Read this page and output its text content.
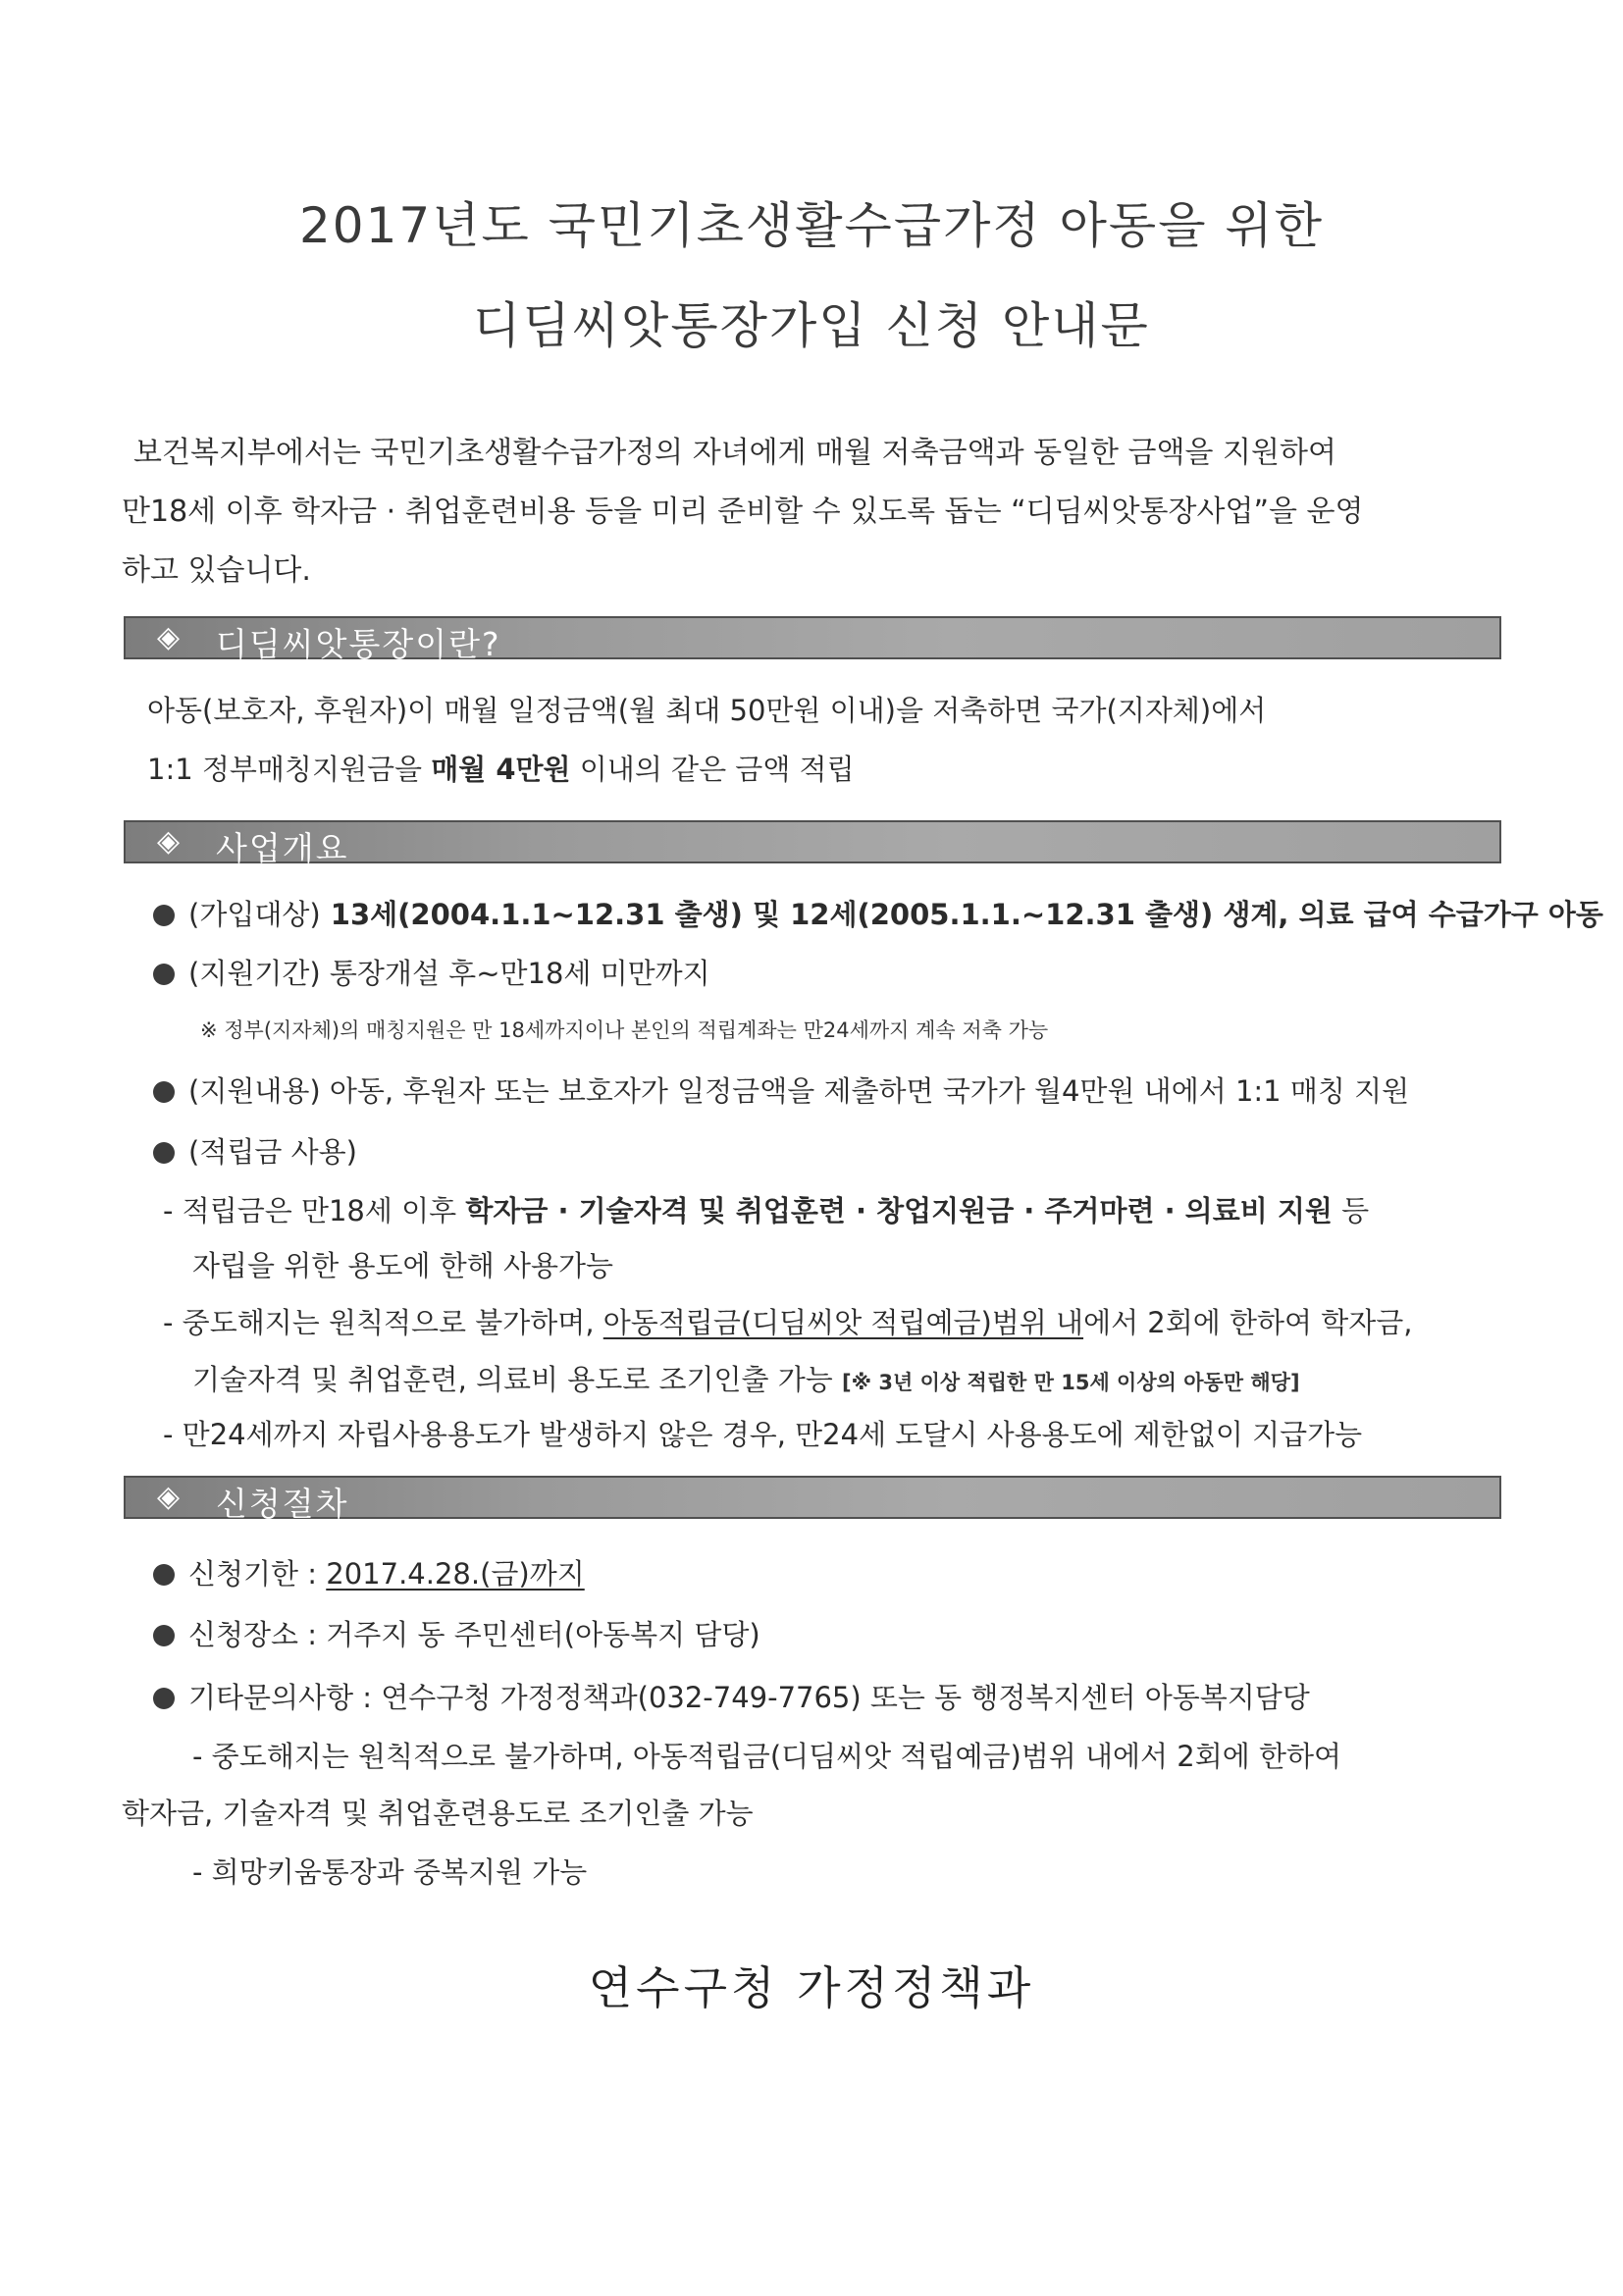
2017년도 국민기초생활수급가정 아동을 위한
디딤씨앗통장가입 신청 안내문
보건복지부에서는 국민기초생활수급가정의 자녀에게 매월 저축금액과 동일한 금액을 지원하여
만18세 이후 학자금 · 취업훈련비용 등을 미리 준비할 수 있도록 돕는 “디딤씨앗통장사업”을 운영
하고 있습니다.
◈ 디딤씨앗통장이란?
아동(보호자, 후원자)이 매월 일정금액(월 최대 50만원 이내)을 저축하면 국가(지자체)에서
1:1 정부매칭지원금을 매월 4만원 이내의 같은 금액 적립
◈ 사업개요
(가입대상) 13세(2004.1.1~12.31 출생) 및 12세(2005.1.1.~12.31 출생) 생계, 의료 급여 수급가구 아동
(지원기간) 통장개설 후~만18세 미만까지
※ 정부(지자체)의 매칭지원은 만 18세까지이나 본인의 적립계좌는 만24세까지 계속 저축 가능
(지원내용) 아동, 후원자 또는 보호자가 일정금액을 제출하면 국가가 월4만원 내에서 1:1 매칭 지원
(적립금 사용)
- 적립금은 만18세 이후 학자금 · 기술자격 및 취업훈련 · 창업지원금 · 주거마련 · 의료비 지원 등
자립을 위한 용도에 한해 사용가능
- 중도해지는 원칙적으로 불가하며, 아동적립금(디딤씨앗 적립예금)범위 내에서 2회에 한하여 학자금,
기술자격 및 취업훈련, 의료비 용도로 조기인출 가능 [※ 3년 이상 적립한 만 15세 이상의 아동만 해당]
- 만24세까지 자립사용용도가 발생하지 않은 경우, 만24세 도달시 사용용도에 제한없이 지급가능
◈ 신청절차
신청기한 : 2017.4.28.(금)까지
신청장소 : 거주지 동 주민센터(아동복지 담당)
기타문의사항 : 연수구청 가정정책과(032-749-7765) 또는 동 행정복지센터 아동복지담당
- 중도해지는 원칙적으로 불가하며, 아동적립금(디딤씨앗 적립예금)범위 내에서 2회에 한하여
학자금, 기술자격 및 취업훈련용도로 조기인출 가능
- 희망키움통장과 중복지원 가능
연수구청 가정정책과
